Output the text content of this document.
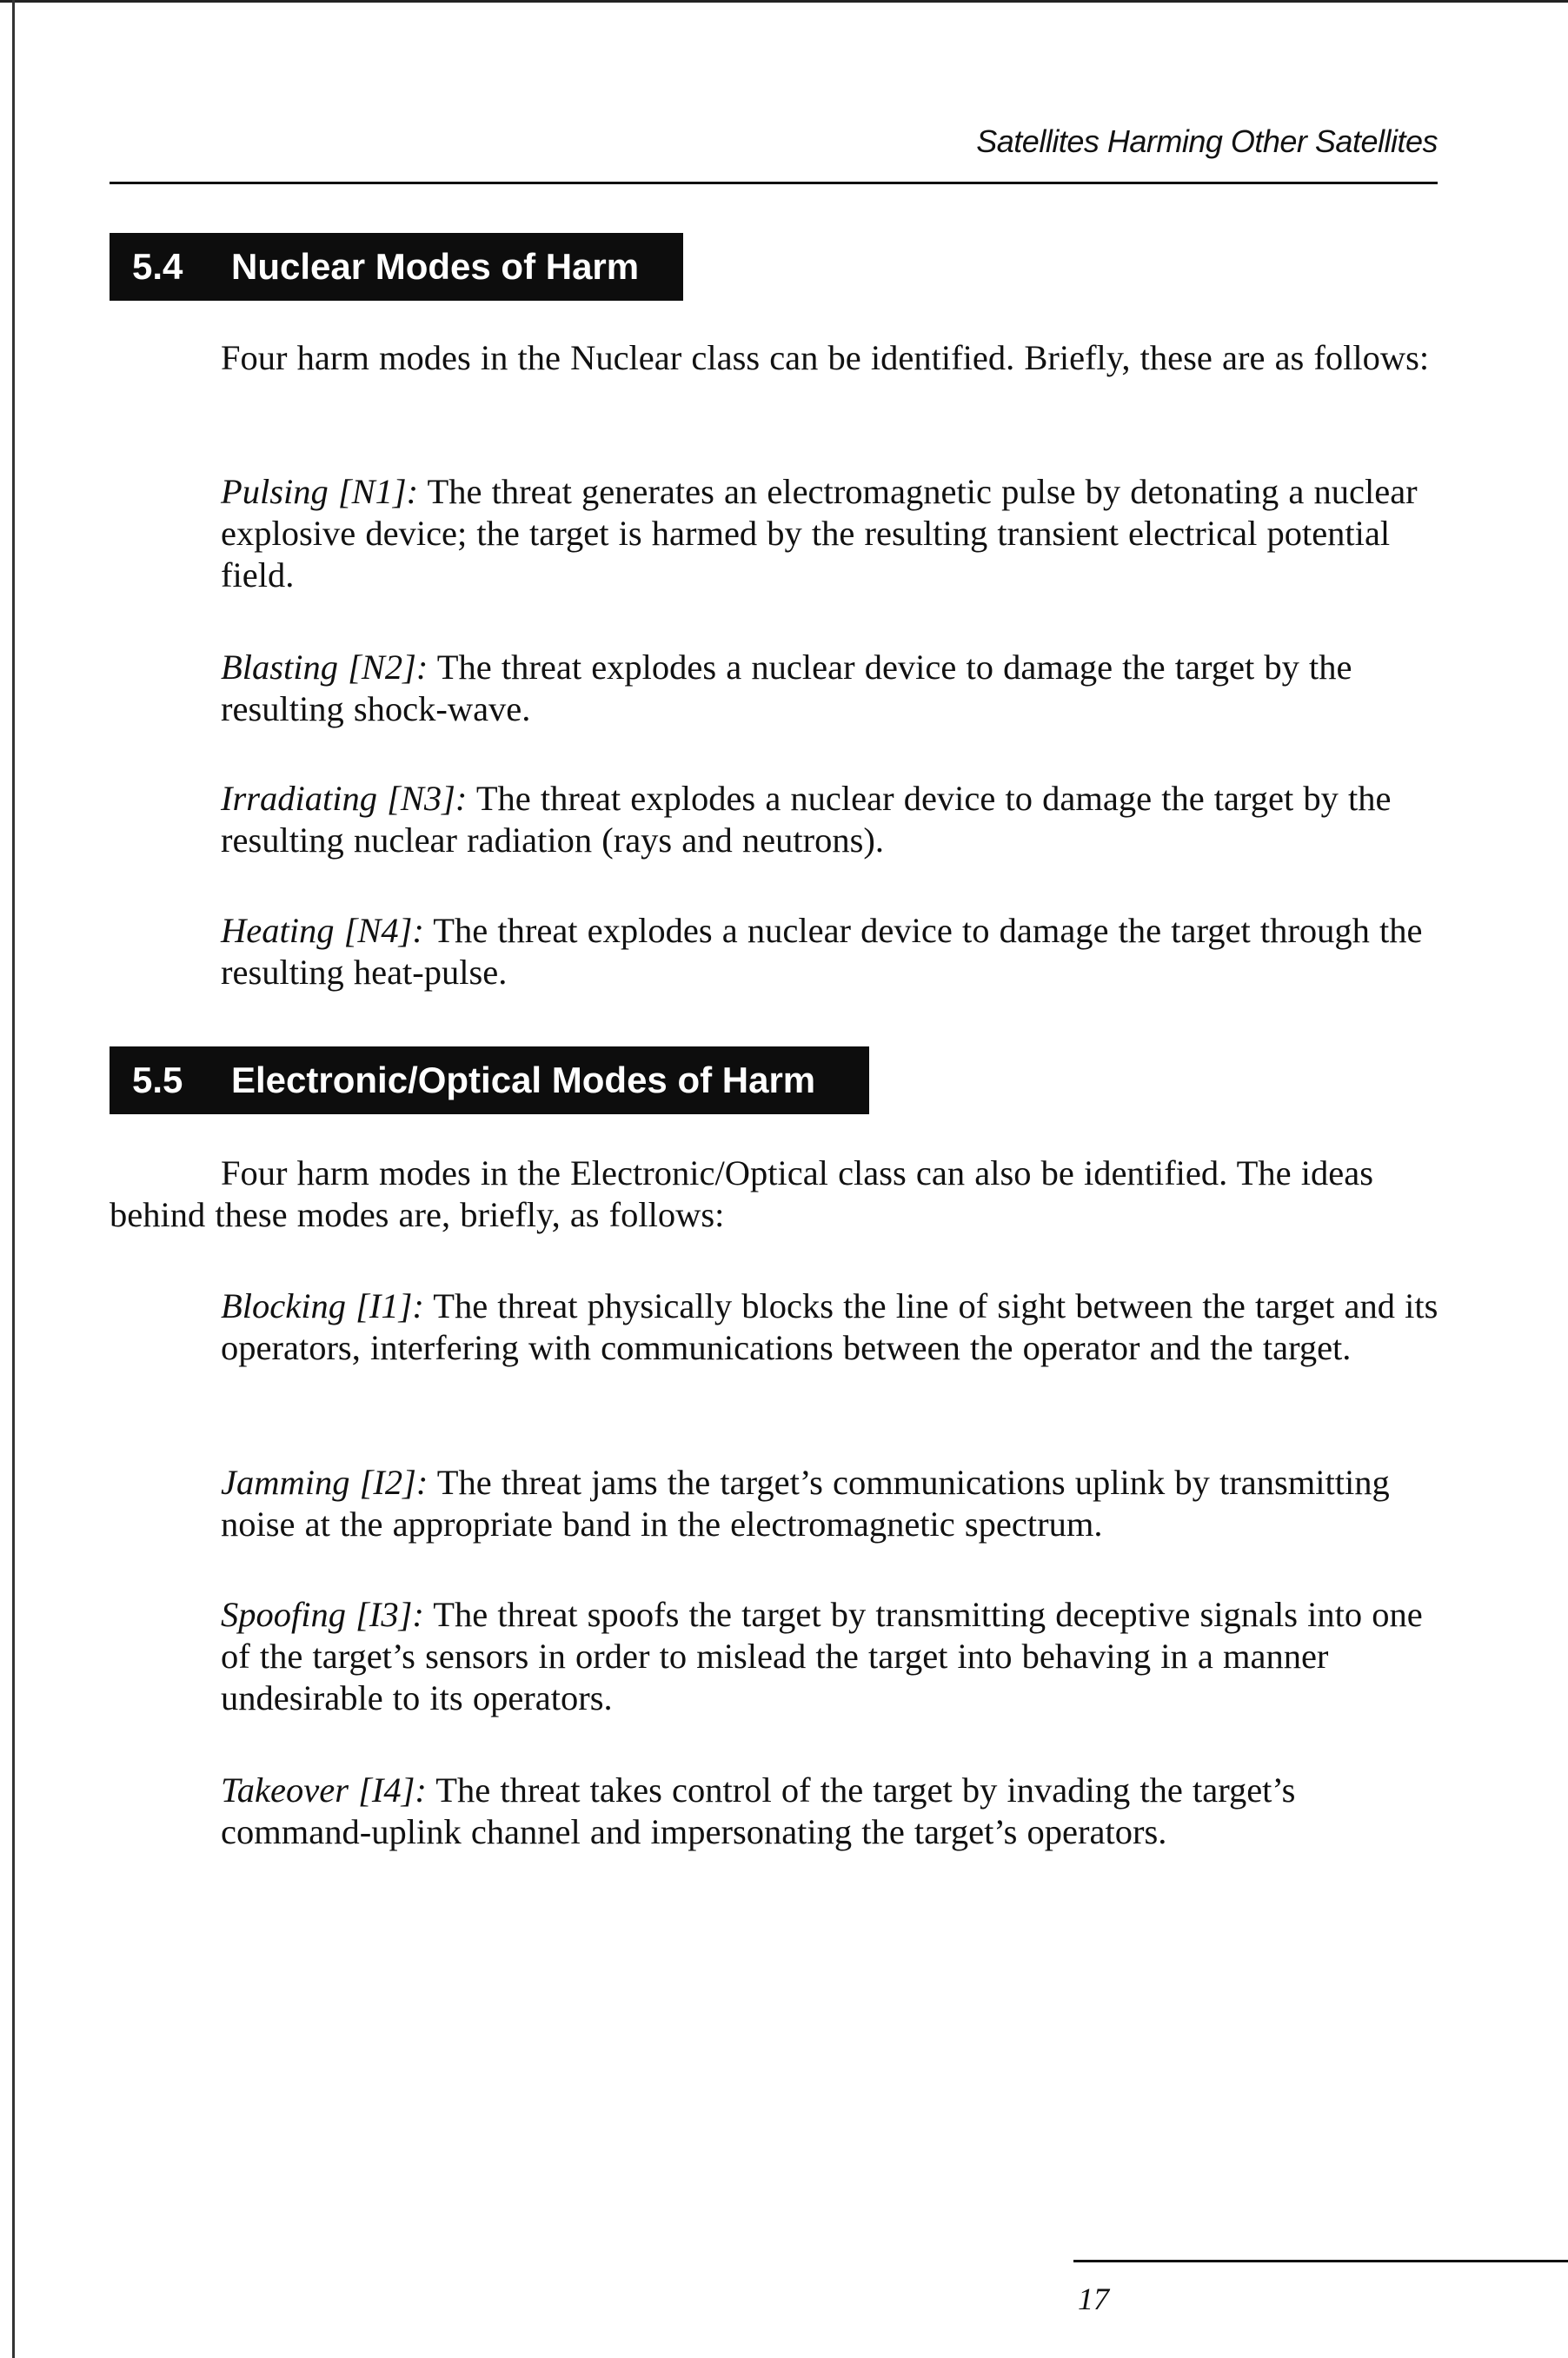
Satellites Harming Other Satellites
5.4	Nuclear Modes of Harm

Four harm modes in the Nuclear class can be identified. Briefly, these are as follows:

Pulsing [N1]: The threat generates an electromagnetic pulse by detonating a nuclear explosive device; the target is harmed by the resulting transient electrical potential field.

Blasting [N2]: The threat explodes a nuclear device to damage the target by the resulting shock-wave.

Irradiating [N3]: The threat explodes a nuclear device to damage the target by the resulting nuclear radiation (rays and neutrons).

Heating [N4]: The threat explodes a nuclear device to damage the target through the resulting heat-pulse.

5.5	Electronic/Optical Modes of Harm

Four harm modes in the Electronic/Optical class can also be identified. The ideas behind these modes are, briefly, as follows:

Blocking [I1]: The threat physically blocks the line of sight between the target and its operators, interfering with communications between the operator and the target.

Jamming [I2]: The threat jams the target’s communications uplink by transmitting noise at the appropriate band in the electromagnetic spectrum.

Spoofing [I3]: The threat spoofs the target by transmitting deceptive signals into one of the target’s sensors in order to mislead the target into behaving in a manner undesirable to its operators.

Takeover [I4]: The threat takes control of the target by invading the target’s command-uplink channel and impersonating the target’s operators.

17
